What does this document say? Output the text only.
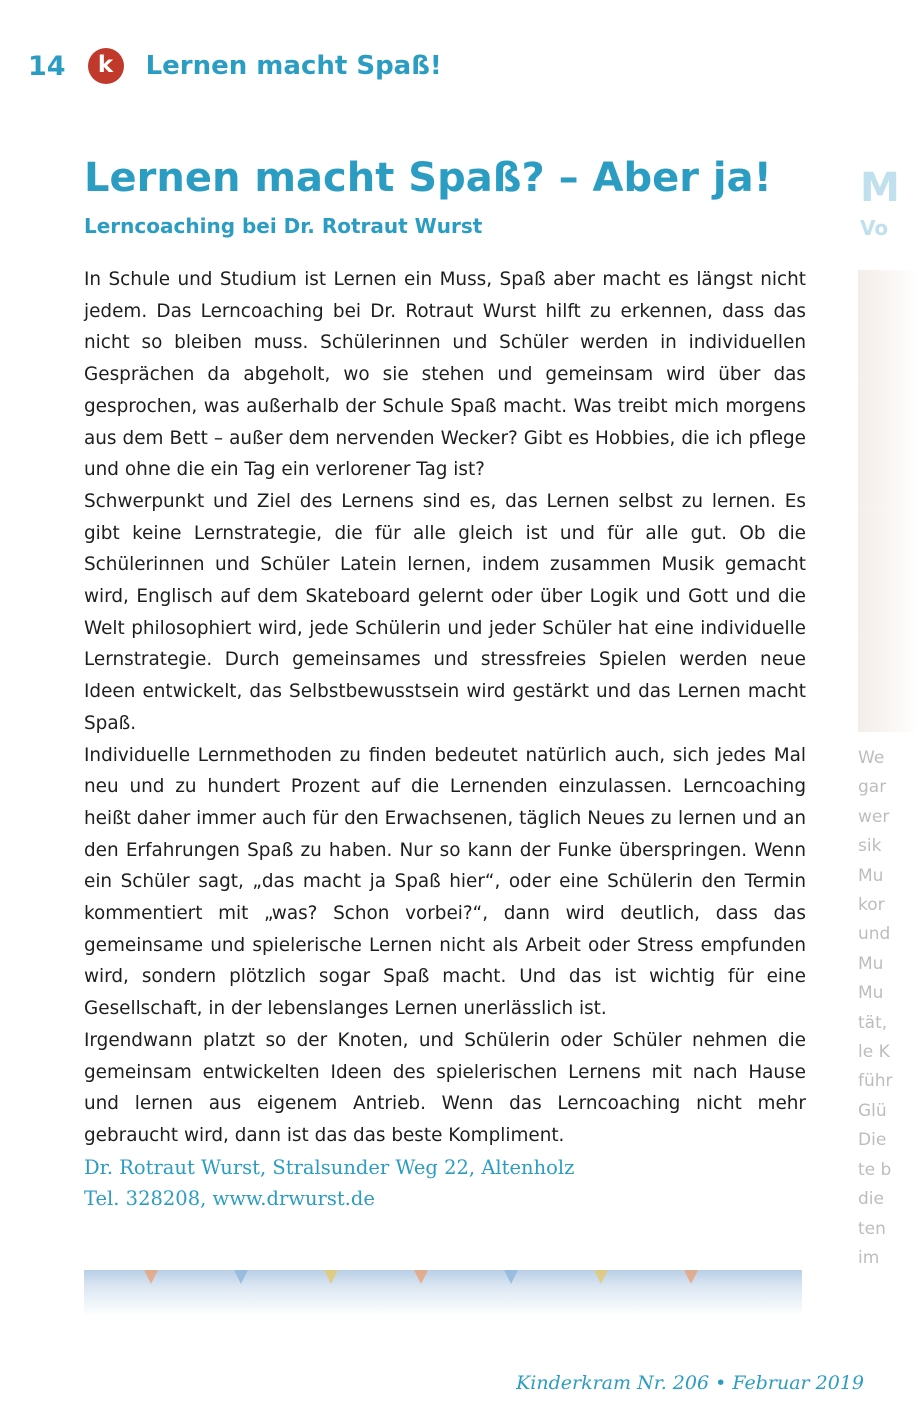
14	k	Lernen macht Spaß!
Lernen macht Spaß? – Aber ja!
Lerncoaching bei Dr. Rotraut Wurst

In Schule und Studium ist Lernen ein Muss, Spaß aber macht es längst nicht jedem. Das Lerncoaching bei Dr. Rotraut Wurst hilft zu erkennen, dass das nicht so bleiben muss. Schülerinnen und Schüler werden in individuellen Gesprächen da abgeholt, wo sie stehen und gemeinsam wird über das gesprochen, was außerhalb der Schule Spaß macht. Was treibt mich morgens aus dem Bett – außer dem nervenden Wecker? Gibt es Hobbies, die ich pflege und ohne die ein Tag ein verlorener Tag ist?

Schwerpunkt und Ziel des Lernens sind es, das Lernen selbst zu lernen. Es gibt keine Lernstrategie, die für alle gleich ist und für alle gut. Ob die Schülerinnen und Schüler Latein lernen, indem zusammen Musik gemacht wird, Englisch auf dem Skateboard gelernt oder über Logik und Gott und die Welt philosophiert wird, jede Schülerin und jeder Schüler hat eine individuelle Lernstrategie. Durch gemeinsames und stressfreies Spielen werden neue Ideen entwickelt, das Selbstbewusstsein wird gestärkt und das Lernen macht Spaß.

Individuelle Lernmethoden zu finden bedeutet natürlich auch, sich jedes Mal neu und zu hundert Prozent auf die Lernenden einzulassen. Lerncoaching heißt daher immer auch für den Erwachsenen, täglich Neues zu lernen und an den Erfahrungen Spaß zu haben. Nur so kann der Funke überspringen. Wenn ein Schüler sagt, „das macht ja Spaß hier“, oder eine Schülerin den Termin kommentiert mit „was? Schon vorbei?“, dann wird deutlich, dass das gemeinsame und spielerische Lernen nicht als Arbeit oder Stress empfunden wird, sondern plötzlich sogar Spaß macht. Und das ist wichtig für eine Gesellschaft, in der lebenslanges Lernen unerlässlich ist.

Irgendwann platzt so der Knoten, und Schülerin oder Schüler nehmen die gemeinsam entwickelten Ideen des spielerischen Lernens mit nach Hause und lernen aus eigenem Antrieb. Wenn das Lerncoaching nicht mehr gebraucht wird, dann ist das das beste Kompliment.

Dr. Rotraut Wurst, Stralsunder Weg 22, Altenholz
Tel. 328208, www.drwurst.de
M
Vo
We
gar
wer
sik
Mu
kor
und
Mu
Mu
tät,
le K
führ
Glü
Die
te b
die
ten
im
Kinderkram Nr. 206 • Februar 2019
